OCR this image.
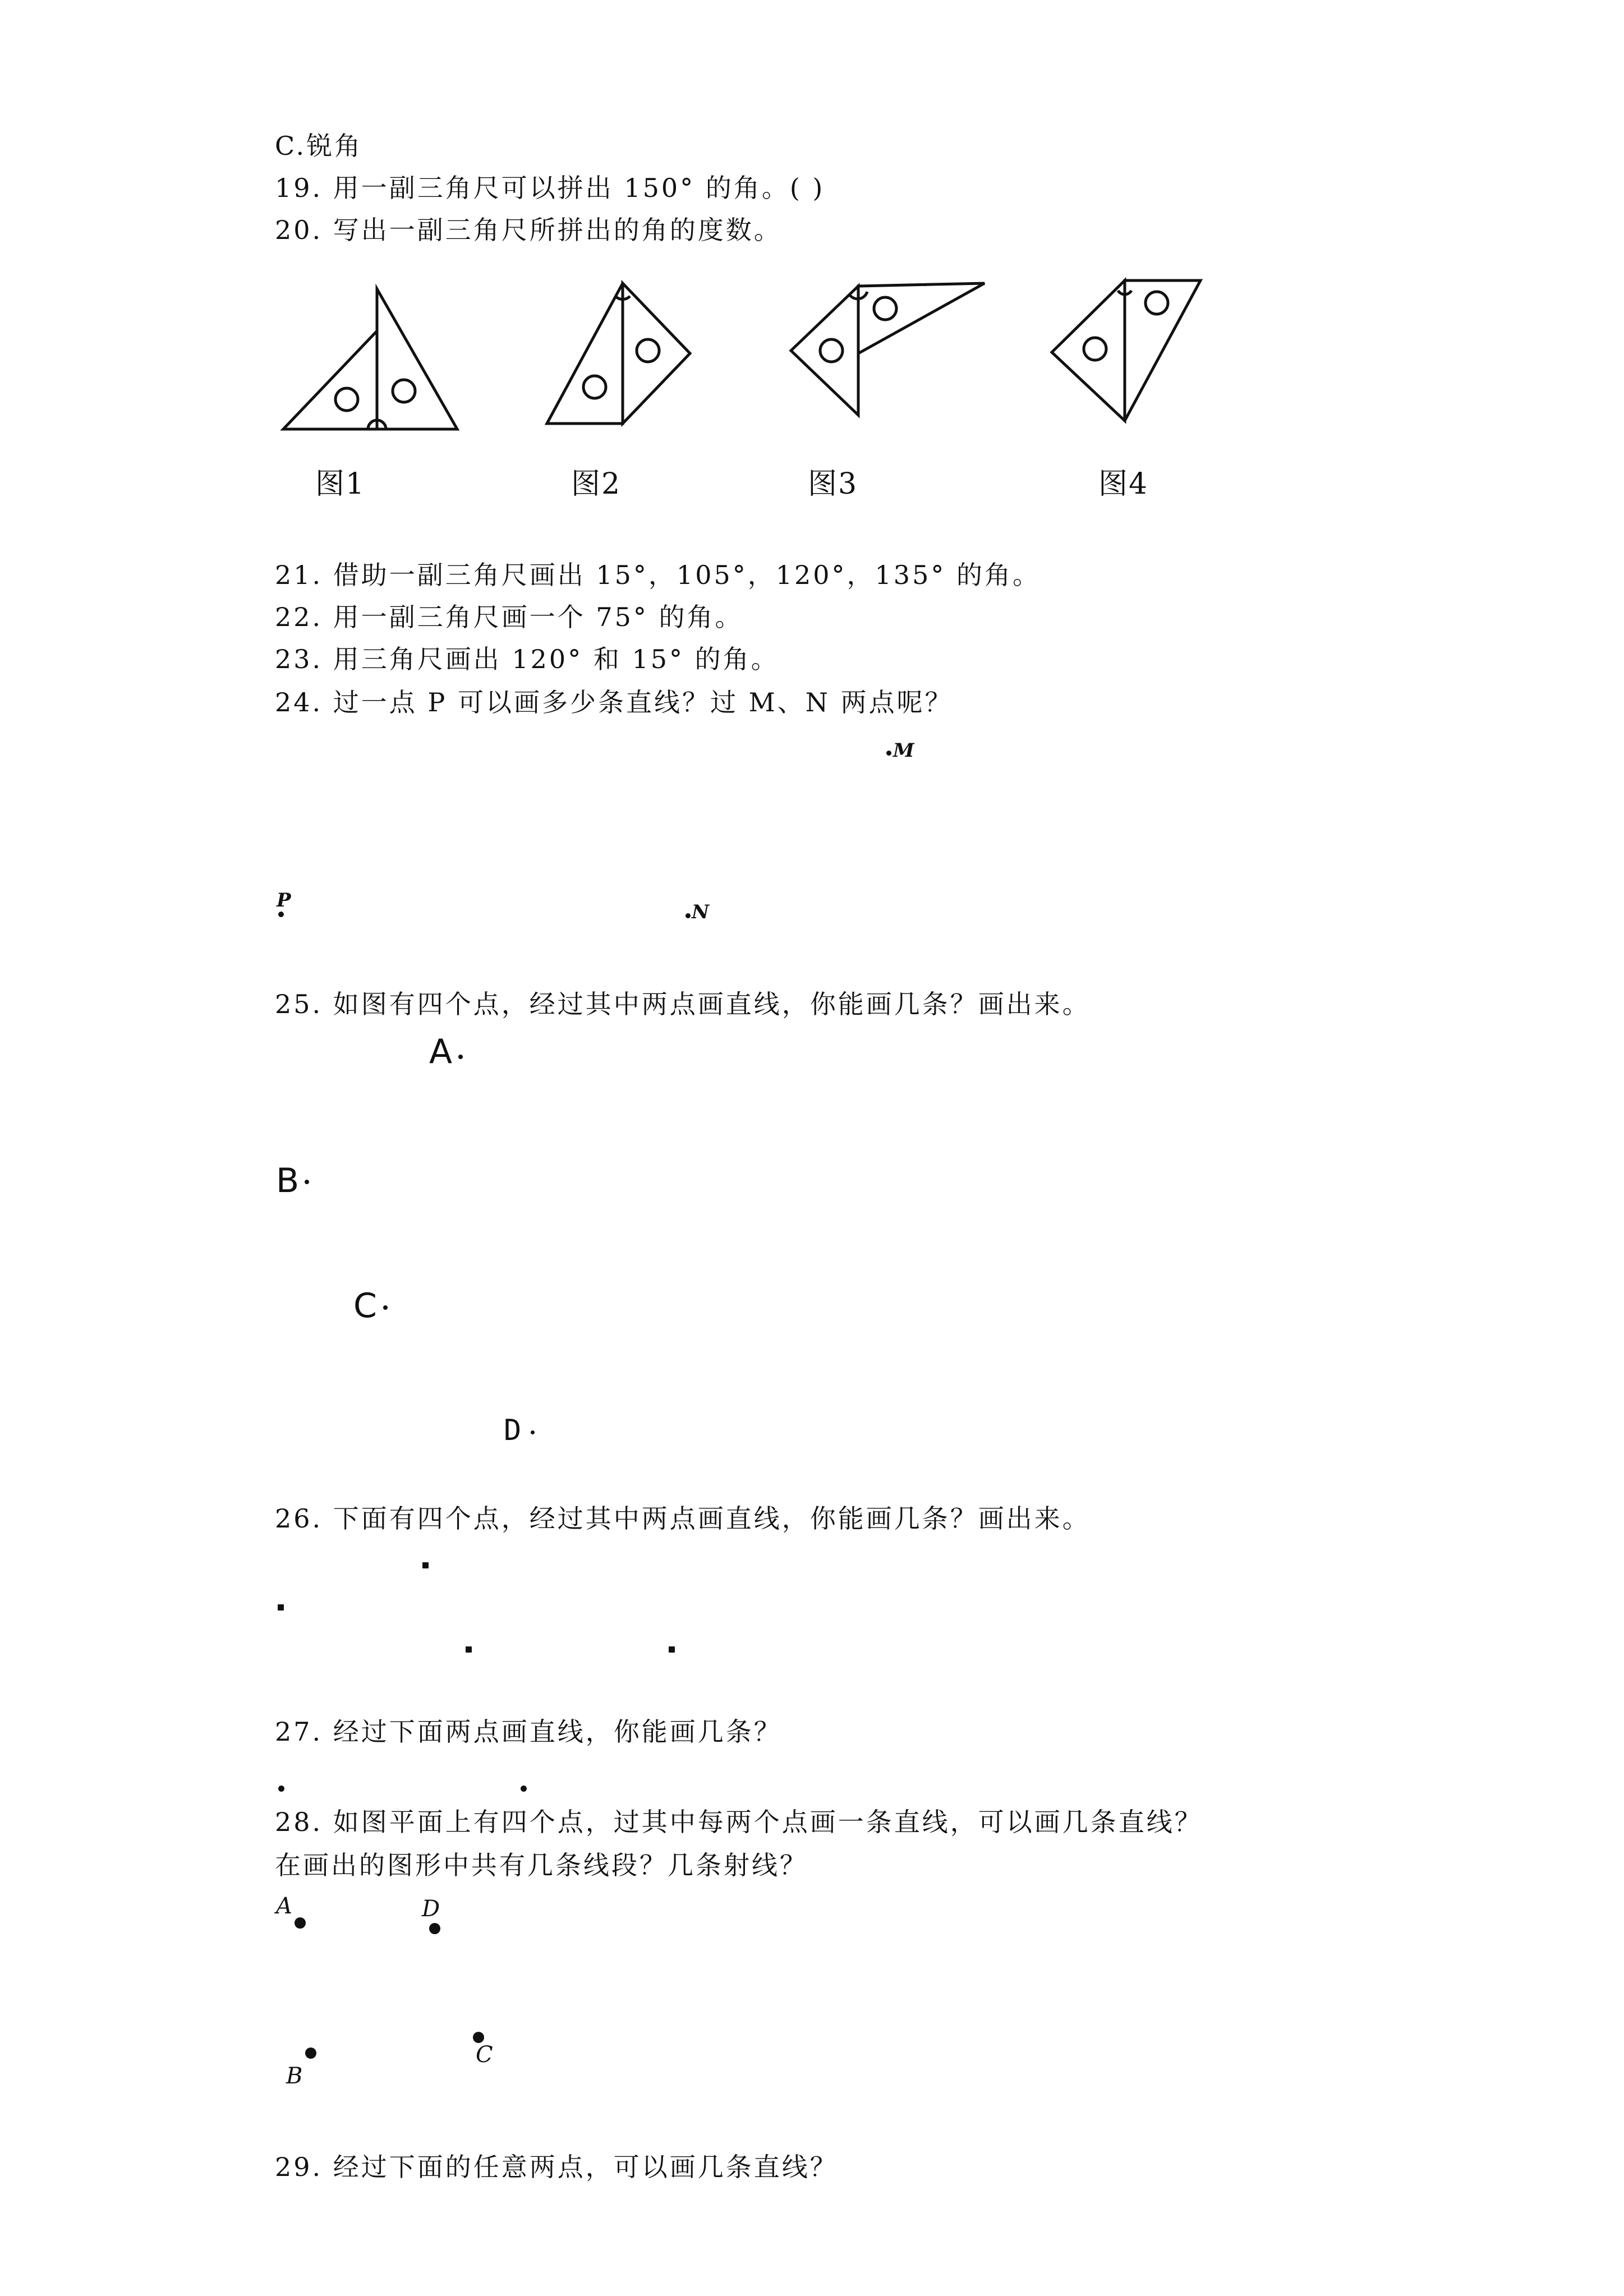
C.锐角
19. 用一副三角尺可以拼出 150° 的角。( )
20. 写出一副三角尺所拼出的角的度数。
图1	图2	图3	图4
21. 借助一副三角尺画出 15°，105°，120°，135° 的角。
22. 用一副三角尺画一个 75° 的角。
23. 用三角尺画出 120° 和 15° 的角。
24. 过一点 P 可以画多少条直线？过 M、N 两点呢？
M
P
N
25. 如图有四个点，经过其中两点画直线，你能画几条？画出来。
A
B
C
D
26. 下面有四个点，经过其中两点画直线，你能画几条？画出来。
27. 经过下面两点画直线，你能画几条？
28. 如图平面上有四个点，过其中每两个点画一条直线，可以画几条直线？
在画出的图形中共有几条线段？几条射线？
A	D
C
B
29. 经过下面的任意两点，可以画几条直线？
